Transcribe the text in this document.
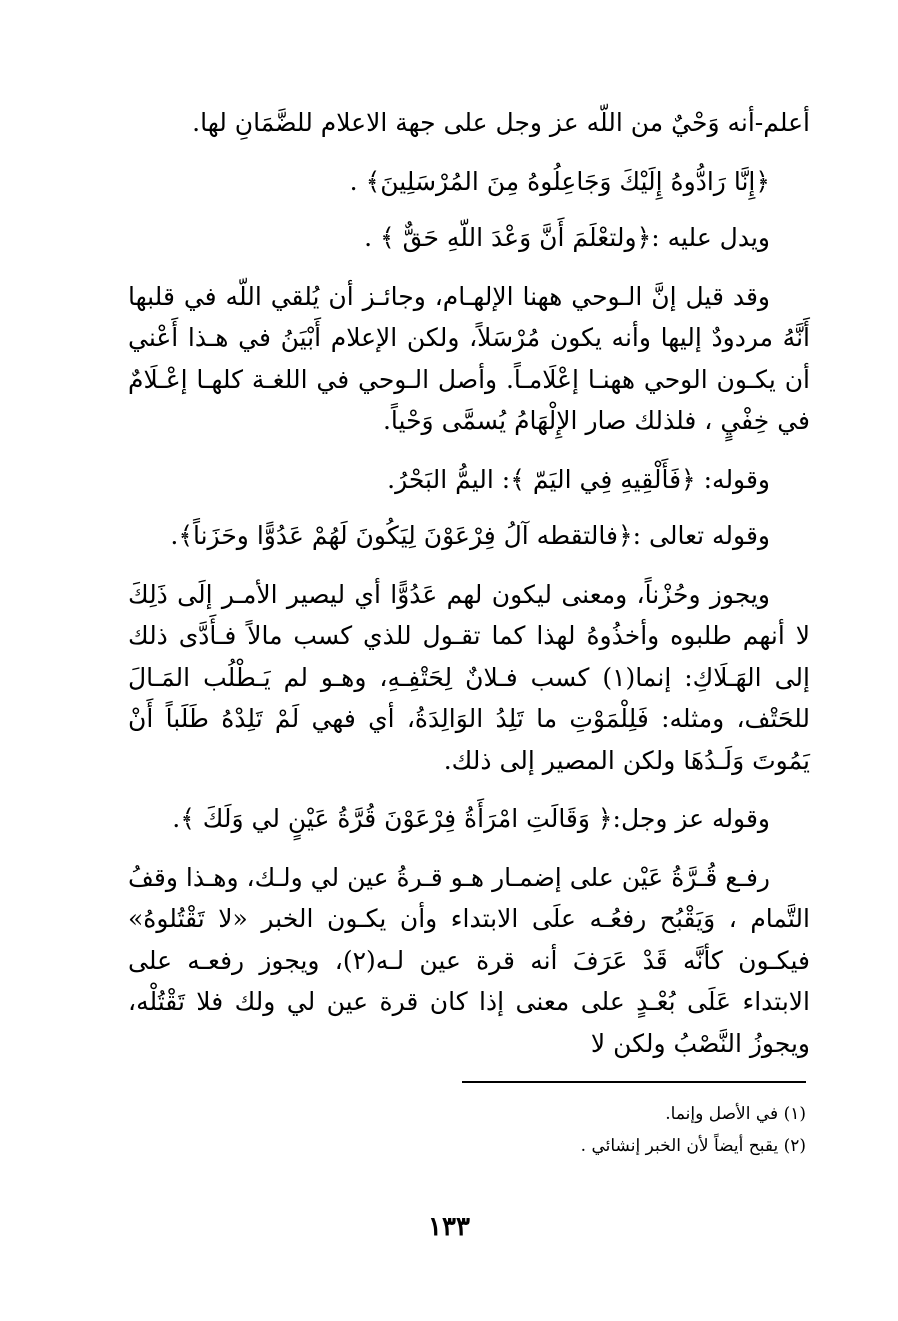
أعلم-أنه وَحْيٌ من اللّه عز وجل على جهة الاعلام للضَّمَانِ لها.

﴿إِنَّا رَادُّوهُ إِلَيْكَ وَجَاعِلُوهُ مِنَ المُرْسَلِينَ﴾ .

ويدل عليه :﴿ولتعْلَمَ أَنَّ وَعْدَ اللّهِ حَقٌّ ﴾ .

وقد قيل إنَّ الـوحي ههنا الإلهـام، وجائـز أن يُلقي اللّه في قلبها أَنَّهُ مردودٌ إليها وأنه يكون مُرْسَلاً، ولكن الإعلام أَبْيَنُ في هـذا أَعْني أن يكـون الوحي ههنـا إعْلَامـاً. وأصل الـوحي في اللغـة كلهـا إعْـلَامٌ في خِفْيٍ ، فلذلك صار الإِلْهَامُ يُسمَّى وَحْياً.

وقوله: ﴿فَأَلْقِيهِ فِي اليَمّ ﴾: اليمُّ البَحْرُ.

وقوله تعالى :﴿فالتقطه آلُ فِرْعَوْنَ لِيَكُونَ لَهُمْ عَدُوًّا وحَزَناً﴾.

ويجوز وحُزْناً، ومعنى ليكون لهم عَدُوًّا أي ليصير الأمـر إلَى ذَلِكَ لا أنهم طلبوه وأخذُوهُ لهذا كما تقـول للذي كسب مالاً فـأَدَّى ذلك إلى الهَـلَاكِ: إنما(١) كسب فـلانٌ لِحَتْفِـهِ، وهـو لم يَـطْلُب المَـالَ للحَتْف، ومثله: فَلِلْمَوْتِ ما تَلِدُ الوَالِدَةُ، أي فهي لَمْ تَلِدْهُ طَلَباً أَنْ يَمُوتَ وَلَـدُهَا ولكن المصير إلى ذلك.

وقوله عز وجل:﴿ وَقَالَتِ امْرَأَةُ فِرْعَوْنَ قُرَّةُ عَيْنٍ لي وَلَكَ ﴾.

رفـع قُـرَّةُ عَيْن على إضمـار هـو قـرةُ عين لي ولـك، وهـذا وقفُ التَّمام ، وَيَقْبُح رفعُـه علَى الابتداء وأن يكـون الخبر «لا تَقْتُلوهُ» فيكـون كأنَّه قَدْ عَرَفَ أنه قرة عين لـه(٢)، ويجوز رفعـه على الابتداء عَلَى بُعْـدٍ على معنى إذا كان قرة عين لي ولك فلا تَقْتُلْه، ويجوزُ النَّصْبُ ولكن لا

(١) في الأصل وإنما.

(٢) يقبح أيضاً لأن الخبر إنشائي .

١٣٣
